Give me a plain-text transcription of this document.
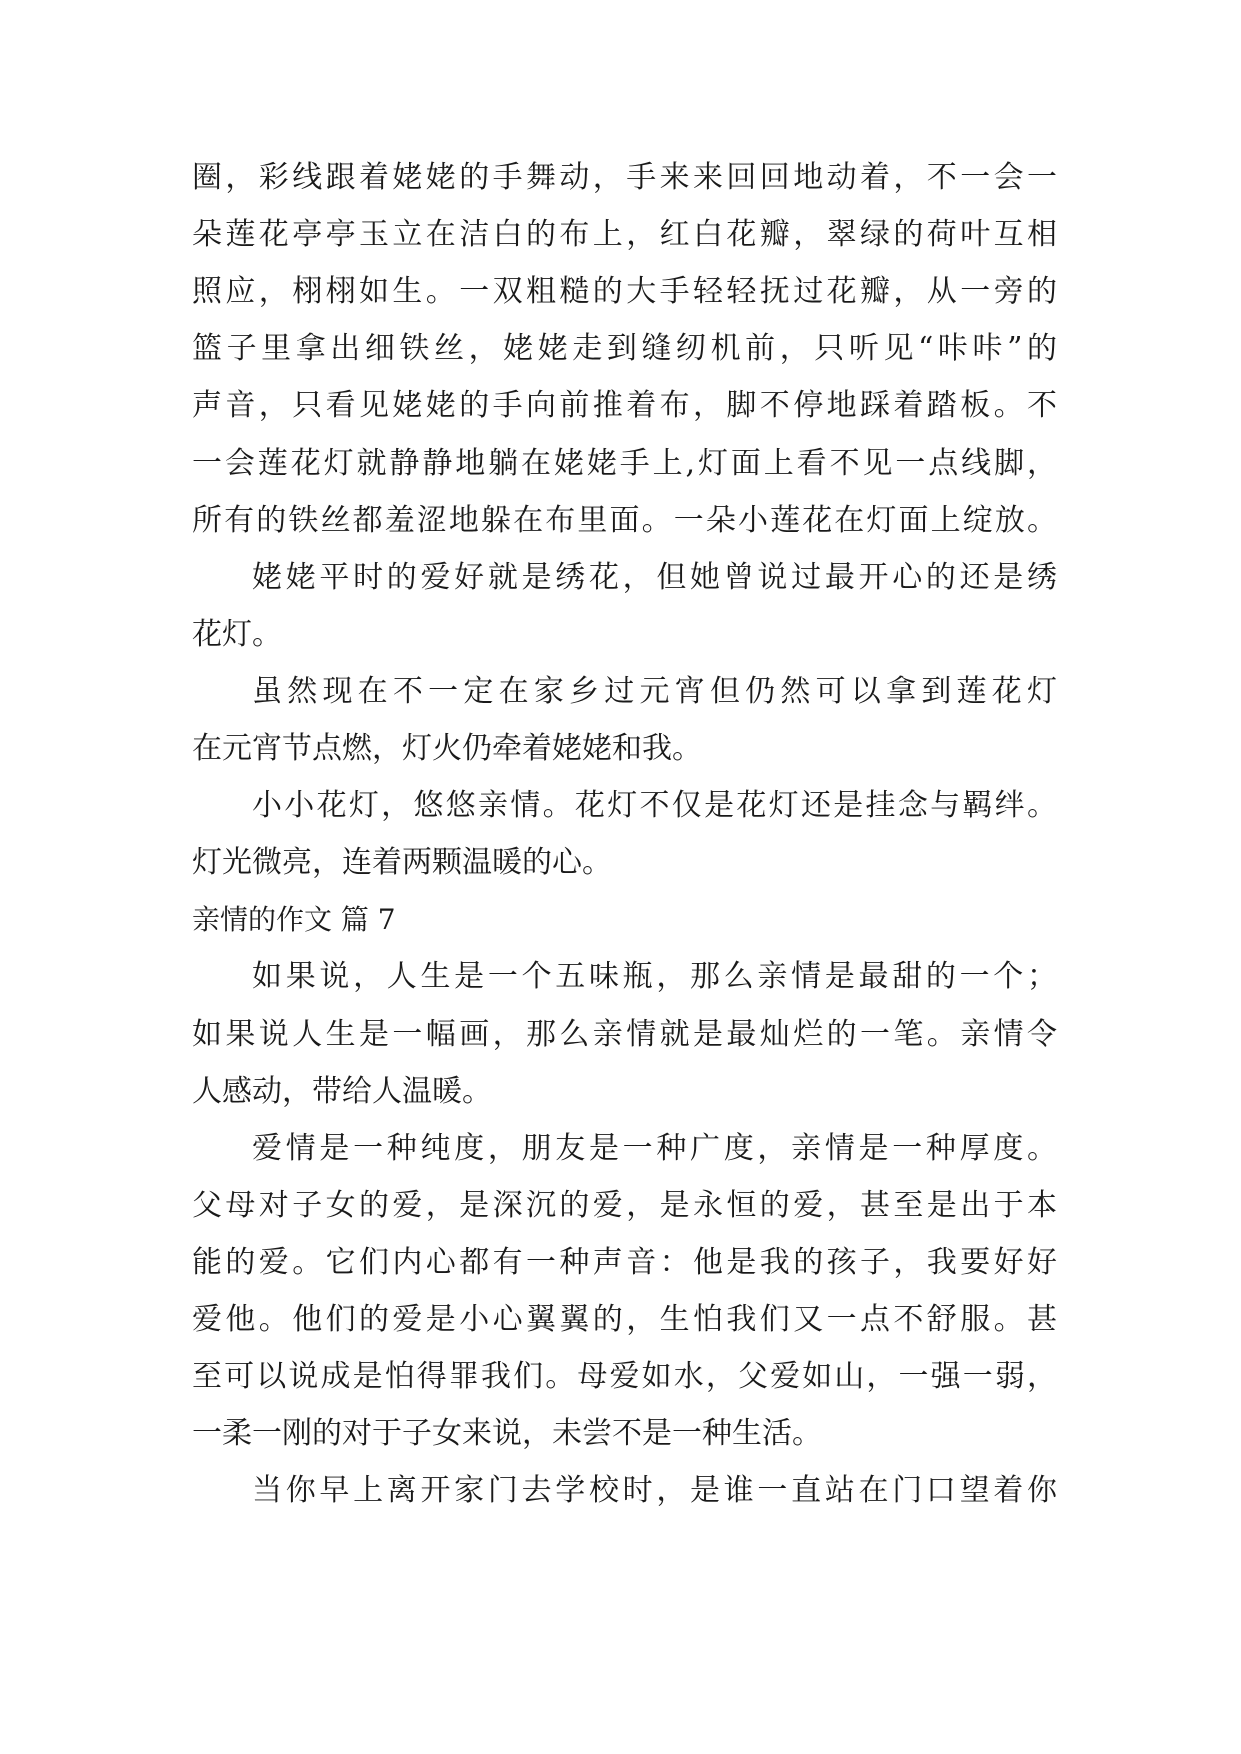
圈，彩线跟着姥姥的手舞动，手来来回回地动着，不一会一
朵莲花亭亭玉立在洁白的布上，红白花瓣，翠绿的荷叶互相
照应，栩栩如生。一双粗糙的大手轻轻抚过花瓣，从一旁的
篮子里拿出细铁丝，姥姥走到缝纫机前，只听见“咔咔”的
声音，只看见姥姥的手向前推着布，脚不停地踩着踏板。不
一会莲花灯就静静地躺在姥姥手上,灯面上看不见一点线脚，
所有的铁丝都羞涩地躲在布里面。一朵小莲花在灯面上绽放。
姥姥平时的爱好就是绣花，但她曾说过最开心的还是绣
花灯。
虽然现在不一定在家乡过元宵但仍然可以拿到莲花灯
在元宵节点燃，灯火仍牵着姥姥和我。
小小花灯，悠悠亲情。花灯不仅是花灯还是挂念与羁绊。
灯光微亮，连着两颗温暖的心。
亲情的作文 篇 7
如果说，人生是一个五味瓶，那么亲情是最甜的一个；
如果说人生是一幅画，那么亲情就是最灿烂的一笔。亲情令
人感动，带给人温暖。
爱情是一种纯度，朋友是一种广度，亲情是一种厚度。
父母对子女的爱，是深沉的爱，是永恒的爱，甚至是出于本
能的爱。它们内心都有一种声音：他是我的孩子，我要好好
爱他。他们的爱是小心翼翼的，生怕我们又一点不舒服。甚
至可以说成是怕得罪我们。母爱如水，父爱如山，一强一弱，
一柔一刚的对于子女来说，未尝不是一种生活。
当你早上离开家门去学校时，是谁一直站在门口望着你
